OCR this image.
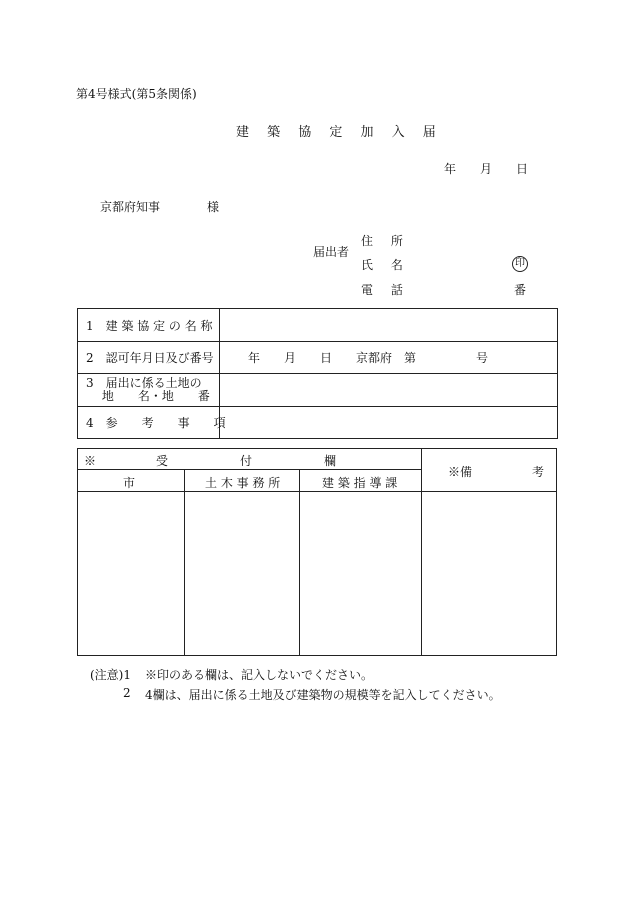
第4号様式(第5条関係)
建 築 協 定 加 入 届
年 月 日
京都府知事	様
届出者
住 所
氏 名	印
電 話	番
1　建 築 協 定 の 名 称	
2　認可年月日及び番号	年　　月　　日　　京都府　第　　　　　号

3　届出に係る土地の
　 地　　名・地　　番	

4　参　　考　　事　　項	
※　　　　　受　　　　　　付　　　　　　欄
市	土 木 事 務 所	建 築 指 導 課
※備　　　　　考
(注意)1 ※印のある欄は、記入しないでください。
2 4欄は、届出に係る土地及び建築物の規模等を記入してください。
